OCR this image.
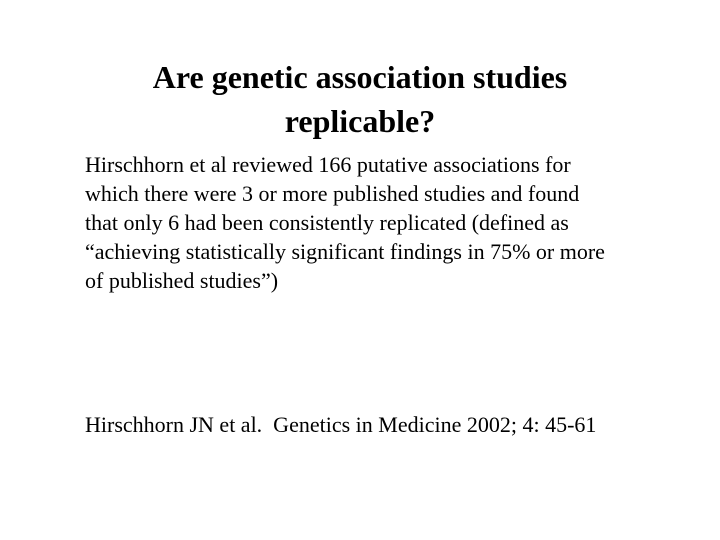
Are genetic association studies
replicable?
Hirschhorn et al reviewed 166 putative associations for
which there were 3 or more published studies and found
that only 6 had been consistently replicated (defined as
“achieving statistically significant findings in 75% or more
of published studies”)
Hirschhorn JN et al.  Genetics in Medicine 2002; 4: 45-61
